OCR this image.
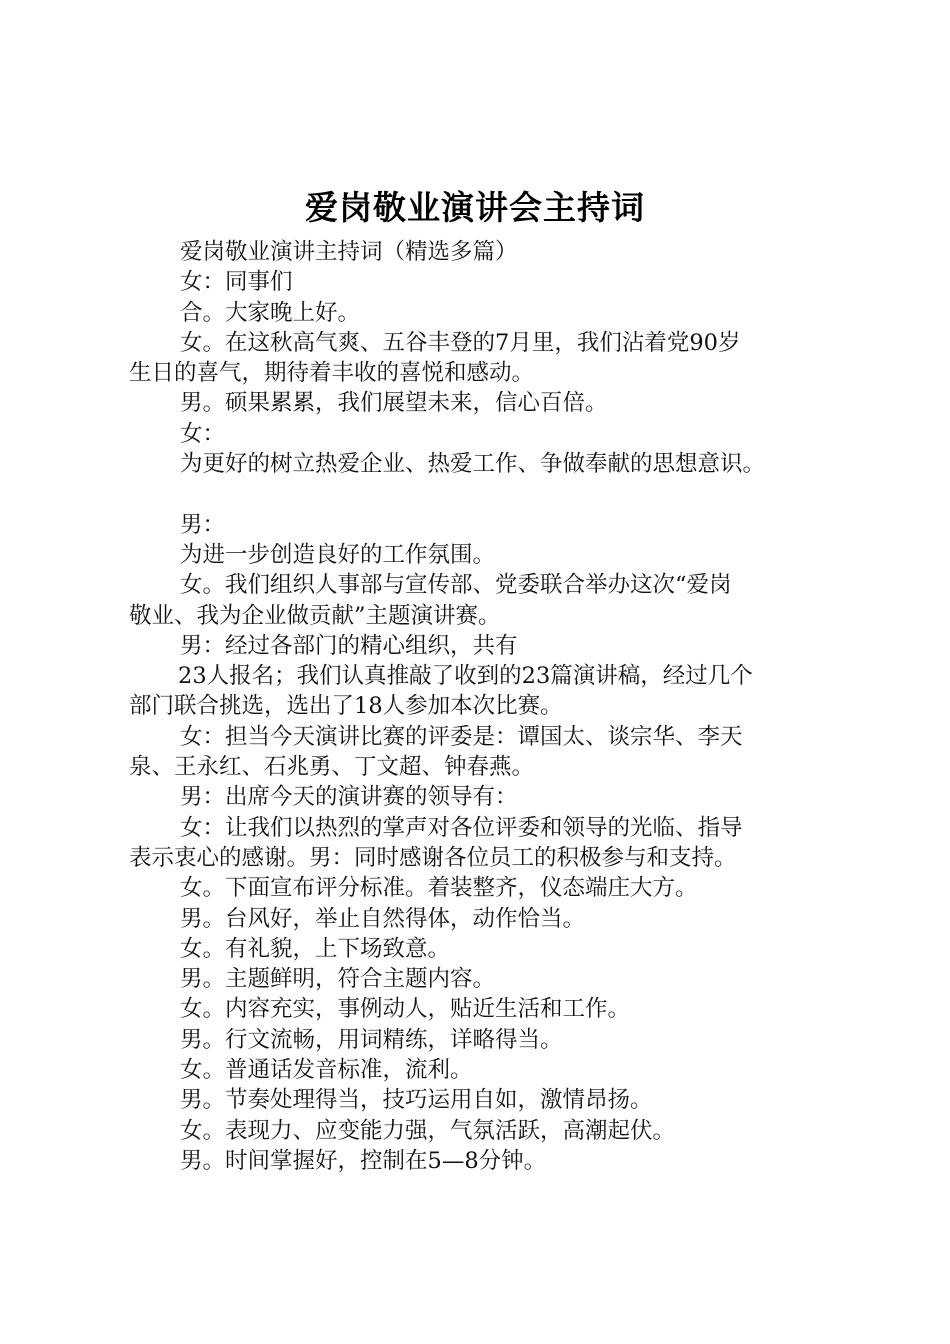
爱岗敬业演讲会主持词
爱岗敬业演讲主持词（精选多篇）
女：同事们
合。大家晚上好。
女。在这秋高气爽、五谷丰登的7月里，我们沾着党90岁
生日的喜气，期待着丰收的喜悦和感动。
男。硕果累累，我们展望未来，信心百倍。
女：
为更好的树立热爱企业、热爱工作、争做奉献的思想意识。
男：
为进一步创造良好的工作氛围。
女。我们组织人事部与宣传部、党委联合举办这次“爱岗
敬业、我为企业做贡献”主题演讲赛。
男：经过各部门的精心组织，共有
23人报名；我们认真推敲了收到的23篇演讲稿，经过几个
部门联合挑选，选出了18人参加本次比赛。
女：担当今天演讲比赛的评委是：谭国太、谈宗华、李天
泉、王永红、石兆勇、丁文超、钟春燕。
男：出席今天的演讲赛的领导有：
女：让我们以热烈的掌声对各位评委和领导的光临、指导
表示衷心的感谢。男：同时感谢各位员工的积极参与和支持。
女。下面宣布评分标准。着装整齐，仪态端庄大方。
男。台风好，举止自然得体，动作恰当。
女。有礼貌，上下场致意。
男。主题鲜明，符合主题内容。
女。内容充实，事例动人，贴近生活和工作。
男。行文流畅，用词精练，详略得当。
女。普通话发音标准，流利。
男。节奏处理得当，技巧运用自如，激情昂扬。
女。表现力、应变能力强，气氛活跃，高潮起伏。
男。时间掌握好，控制在5—8分钟。
